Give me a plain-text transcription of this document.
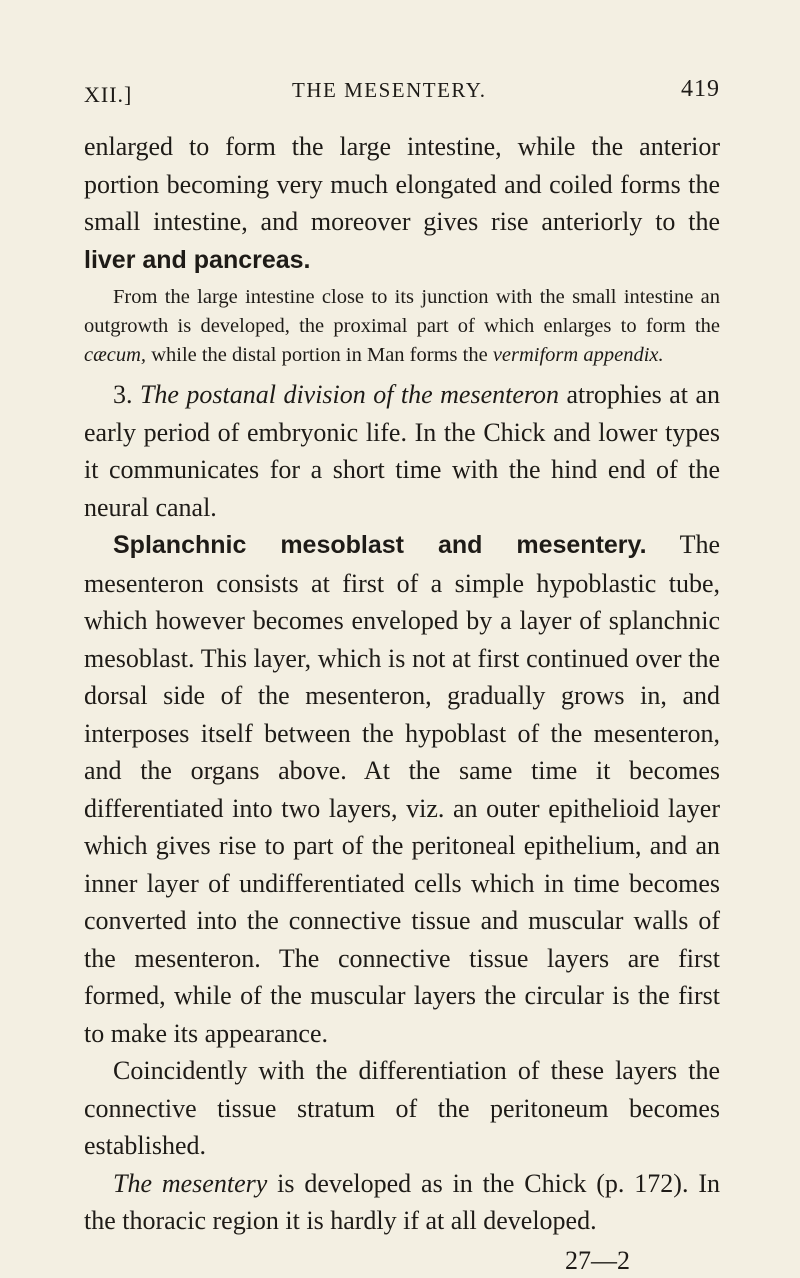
XII.]	THE MESENTERY.	419

enlarged to form the large intestine, while the anterior portion becoming very much elongated and coiled forms the small intestine, and moreover gives rise anteriorly to the liver and pancreas.

From the large intestine close to its junction with the small intestine an outgrowth is developed, the proximal part of which enlarges to form the cæcum, while the distal portion in Man forms the vermiform appendix.

3. The postanal division of the mesenteron atrophies at an early period of embryonic life. In the Chick and lower types it communicates for a short time with the hind end of the neural canal.

Splanchnic mesoblast and mesentery. The mesenteron consists at first of a simple hypoblastic tube, which however becomes enveloped by a layer of splanchnic mesoblast. This layer, which is not at first continued over the dorsal side of the mesenteron, gradually grows in, and interposes itself between the hypoblast of the mesenteron, and the organs above. At the same time it becomes differentiated into two layers, viz. an outer epithelioid layer which gives rise to part of the peritoneal epithelium, and an inner layer of undifferentiated cells which in time becomes converted into the connective tissue and muscular walls of the mesenteron. The connective tissue layers are first formed, while of the muscular layers the circular is the first to make its appearance.

Coincidently with the differentiation of these layers the connective tissue stratum of the peritoneum becomes established.

The mesentery is developed as in the Chick (p. 172). In the thoracic region it is hardly if at all developed.

27—2
